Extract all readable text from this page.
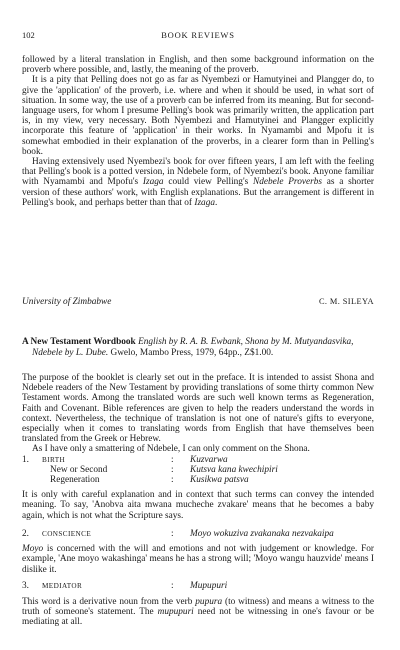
102	BOOK REVIEWS

followed by a literal translation in English, and then some background information on the proverb where possible, and, lastly, the meaning of the proverb.

It is a pity that Pelling does not go as far as Nyembezi or Hamutyinei and Plangger do, to give the 'application' of the proverb, i.e. where and when it should be used, in what sort of situation. In some way, the use of a proverb can be inferred from its meaning. But for second-language users, for whom I presume Pelling's book was primarily written, the application part is, in my view, very necessary. Both Nyembezi and Hamutyinei and Plangger explicitly incorporate this feature of 'application' in their works. In Nyamambi and Mpofu it is somewhat embodied in their explanation of the proverbs, in a clearer form than in Pelling's book.

Having extensively used Nyembezi's book for over fifteen years, I am left with the feeling that Pelling's book is a potted version, in Ndebele form, of Nyembezi's book. Anyone familiar with Nyamambi and Mpofu's Izaga could view Pelling's Ndebele Proverbs as a shorter version of these authors' work, with English explanations. But the arrangement is different in Pelling's book, and perhaps better than that of Izaga.

University of Zimbabwe	C. M. SILEYA

A New Testament Wordbook English by R. A. B. Ewbank, Shona by M. Mutyandasvika, Ndebele by L. Dube. Gwelo, Mambo Press, 1979, 64pp., Z$1.00.

The purpose of the booklet is clearly set out in the preface. It is intended to assist Shona and Ndebele readers of the New Testament by providing translations of some thirty common New Testament words. Among the translated words are such well known terms as Regeneration, Faith and Covenant. Bible references are given to help the readers understand the words in context. Nevertheless, the technique of translation is not one of nature's gifts to everyone, especially when it comes to translating words from English that have themselves been translated from the Greek or Hebrew.

As I have only a smattering of Ndebele, I can only comment on the Shona.

1.	BIRTH	: Kuzvarwa
New or Second	: Kutsva kana kwechipiri
Regeneration	: Kusikwa patsva

It is only with careful explanation and in context that such terms can convey the intended meaning. To say, 'Anobva aita mwana mucheche zvakare' means that he becomes a baby again, which is not what the Scripture says.

2. CONSCIENCE	: Moyo wokuziva zvakanaka nezvakaipa

Moyo is concerned with the will and emotions and not with judgement or knowledge. For example, 'Ane moyo wakashinga' means he has a strong will; 'Moyo wangu hauzvide' means I dislike it.

3.	MEDIATOR	: Mupupuri

This word is a derivative noun from the verb pupura (to witness) and means a witness to the truth of someone's statement. The mupupuri need not be witnessing in one's favour or be mediating at all.
